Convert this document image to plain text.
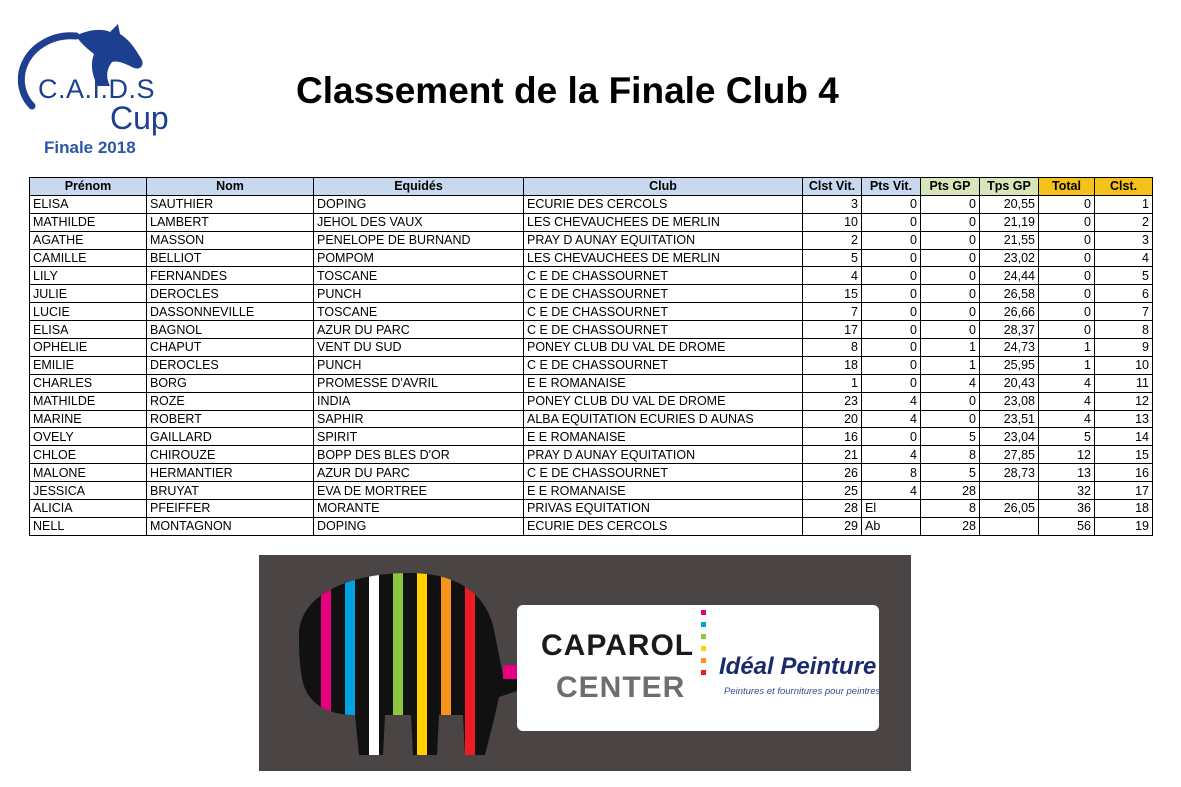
C.A.I.D.S
Cup
Finale 2018
Classement de la Finale Club 4
Prénom	Nom	Equidés	Club	Clst Vit.	Pts Vit.	Pts GP	Tps GP	Total	Clst.
ELISA	SAUTHIER	DOPING	ECURIE DES CERCOLS	3	0	0	20,55	0	1
MATHILDE	LAMBERT	JEHOL DES VAUX	LES CHEVAUCHEES DE MERLIN	10	0	0	21,19	0	2
AGATHE	MASSON	PENELOPE DE BURNAND	PRAY D AUNAY EQUITATION	2	0	0	21,55	0	3
CAMILLE	BELLIOT	POMPOM	LES CHEVAUCHEES DE MERLIN	5	0	0	23,02	0	4
LILY	FERNANDES	TOSCANE	C E DE CHASSOURNET	4	0	0	24,44	0	5
JULIE	DEROCLES	PUNCH	C E DE CHASSOURNET	15	0	0	26,58	0	6
LUCIE	DASSONNEVILLE	TOSCANE	C E DE CHASSOURNET	7	0	0	26,66	0	7
ELISA	BAGNOL	AZUR DU PARC	C E DE CHASSOURNET	17	0	0	28,37	0	8
OPHELIE	CHAPUT	VENT DU SUD	PONEY CLUB DU VAL DE DROME	8	0	1	24,73	1	9
EMILIE	DEROCLES	PUNCH	C E DE CHASSOURNET	18	0	1	25,95	1	10
CHARLES	BORG	PROMESSE D'AVRIL	E E ROMANAISE	1	0	4	20,43	4	11
MATHILDE	ROZE	INDIA	PONEY CLUB DU VAL DE DROME	23	4	0	23,08	4	12
MARINE	ROBERT	SAPHIR	ALBA EQUITATION ECURIES D AUNAS	20	4	0	23,51	4	13
OVELY	GAILLARD	SPIRIT	E E ROMANAISE	16	0	5	23,04	5	14
CHLOE	CHIROUZE	BOPP DES BLES D'OR	PRAY D AUNAY EQUITATION	21	4	8	27,85	12	15
MALONE	HERMANTIER	AZUR DU PARC	C E DE CHASSOURNET	26	8	5	28,73	13	16
JESSICA	BRUYAT	EVA DE MORTREE	E E ROMANAISE	25	4	28		32	17
ALICIA	PFEIFFER	MORANTE	PRIVAS EQUITATION	28	El	8	26,05	36	18
NELL	MONTAGNON	DOPING	ECURIE DES CERCOLS	29	Ab	28		56	19
CAPAROL
CENTER
Idéal Peinture
Peintures et fournitures pour peintres
